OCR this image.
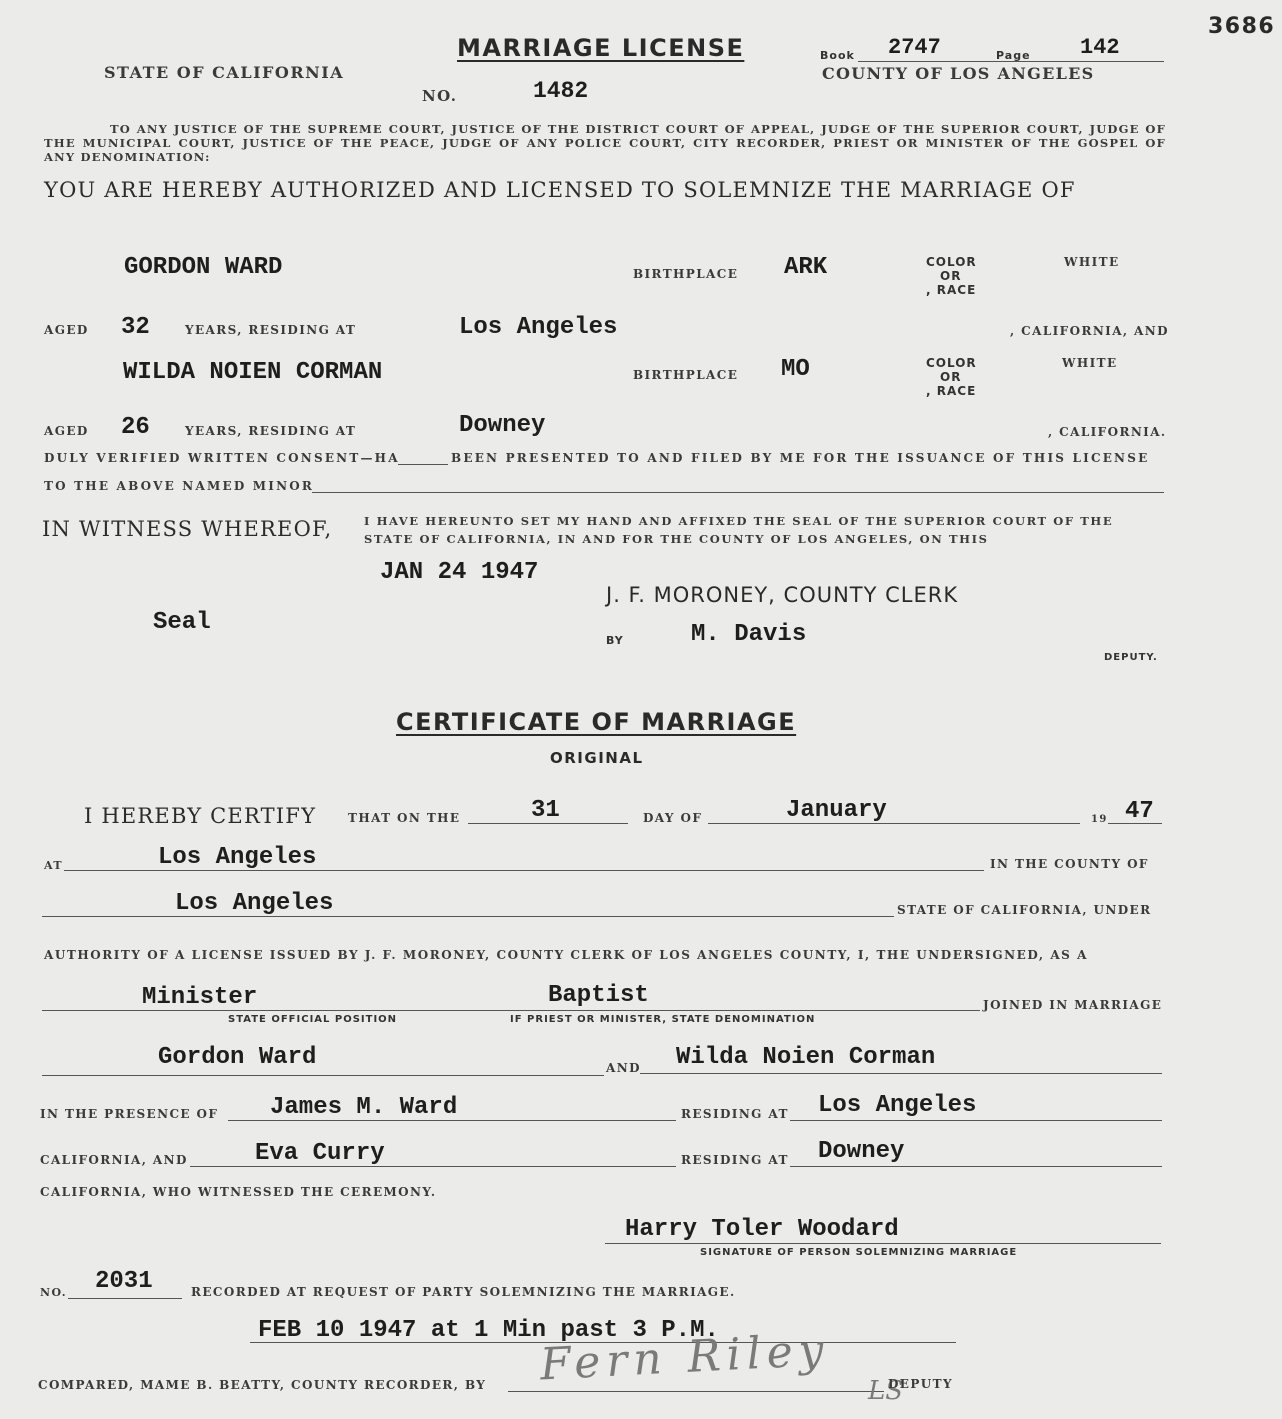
3686
MARRIAGE LICENSE
STATE OF CALIFORNIA
Book 2747	Page 142
COUNTY OF LOS ANGELES
NO.	1482
TO ANY JUSTICE OF THE SUPREME COURT, JUSTICE OF THE DISTRICT COURT OF APPEAL, JUDGE OF THE SUPERIOR COURT, JUDGE OF THE MUNICIPAL COURT, JUSTICE OF THE PEACE, JUDGE OF ANY POLICE COURT, CITY RECORDER, PRIEST OR MINISTER OF THE GOSPEL OF ANY DENOMINATION:
YOU ARE HEREBY AUTHORIZED AND LICENSED TO SOLEMNIZE THE MARRIAGE OF
GORDON WARD	BIRTHPLACE ARK	COLOR
OR
, RACE
WHITE
AGED 32	YEARS, RESIDING AT	Los Angeles	, CALIFORNIA, AND
WILDA NOIEN CORMAN	BIRTHPLACE MO	COLOR
OR
, RACE
WHITE
AGED 26	YEARS, RESIDING AT	Downey	, CALIFORNIA.
DULY VERIFIED WRITTEN CONSENT—HA	BEEN PRESENTED TO AND FILED BY ME FOR THE ISSUANCE OF THIS LICENSE
TO THE ABOVE NAMED MINOR
IN WITNESS WHEREOF,	I HAVE HEREUNTO SET MY HAND AND AFFIXED THE SEAL OF THE SUPERIOR COURT OF THE
STATE OF CALIFORNIA, IN AND FOR THE COUNTY OF LOS ANGELES, ON THIS
JAN 24 1947
J. F. MORONEY, COUNTY CLERK
Seal
BY	M. Davis
DEPUTY.
CERTIFICATE OF MARRIAGE
ORIGINAL
I HEREBY CERTIFY	THAT ON THE	31	DAY OF	January	19 47
AT	Los Angeles	IN THE COUNTY OF
Los Angeles	STATE OF CALIFORNIA, UNDER
AUTHORITY OF A LICENSE ISSUED BY J. F. MORONEY, COUNTY CLERK OF LOS ANGELES COUNTY, I, THE UNDERSIGNED, AS A
Minister	Baptist
STATE OFFICIAL POSITION	IF PRIEST OR MINISTER, STATE DENOMINATION
JOINED IN MARRIAGE
Gordon Ward	AND Wilda Noien Corman
IN THE PRESENCE OF James M. Ward	RESIDING AT Los Angeles
CALIFORNIA, AND	Eva Curry	RESIDING AT Downey
CALIFORNIA, WHO WITNESSED THE CEREMONY.
Harry Toler Woodard
SIGNATURE OF PERSON SOLEMNIZING MARRIAGE
NO. 2031	RECORDED AT REQUEST OF PARTY SOLEMNIZING THE MARRIAGE.
FEB 10 1947 at 1 Min past 3 P.M.
COMPARED, MAME B. BEATTY, COUNTY RECORDER, BY Fern Riley
LS
DEPUTY
